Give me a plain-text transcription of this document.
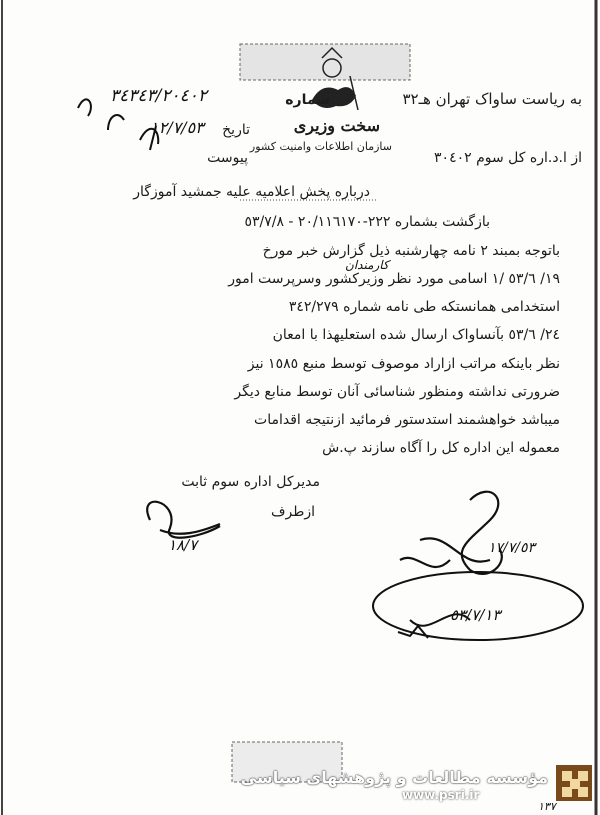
به ریاست ساواک تهران هـ٣٢
شماره
٣٤٣٤٣/٢٠٤٠٢
تاریخ
١٢/٧/٥٣
پیوست
سخت وزیری
سازمان اطلاعات وامنیت کشور
از ا.د.اره کل سوم ٣٠٤٠٢
درباره پخش اعلامیه علیه جمشید آموزگار
بازگشت بشماره ٢٢٢-٢٠/١١٦١٧٠ - ٥٣/٧/٨
باتوجه بمبند ٢ نامه چهارشنبه ذیل گزارش خبر مورخ
کارمندان
١٩/ ٥٣/٦ /١ اسامی مورد نظر وزیرکشور وسرپرست امور
استخدامی همانستکه طی نامه شماره ٣٤٢/٢٧٩
٢٤/ ٥٣/٦ بآنساواک ارسال شده استعلیهذا با امعان
نظر باینکه مراتب ازاراد موصوف توسط منبع ١٥٨٥ نیز
ضرورتی نداشته ومنظور شناسائی آنان توسط منابع دیگر
میباشد خواهشمند استدستور فرمائید ازنتیجه اقدامات
معموله این اداره کل را آگاه سازند پ.ش
مدیرکل اداره سوم ثابت
ازطرف
١٨/٧	١٧/٧/٥٣
٥٣/٧/١٣
مؤسسه مطالعات و پژوهشهای سیاسی
www.psri.ir
١٣٧
